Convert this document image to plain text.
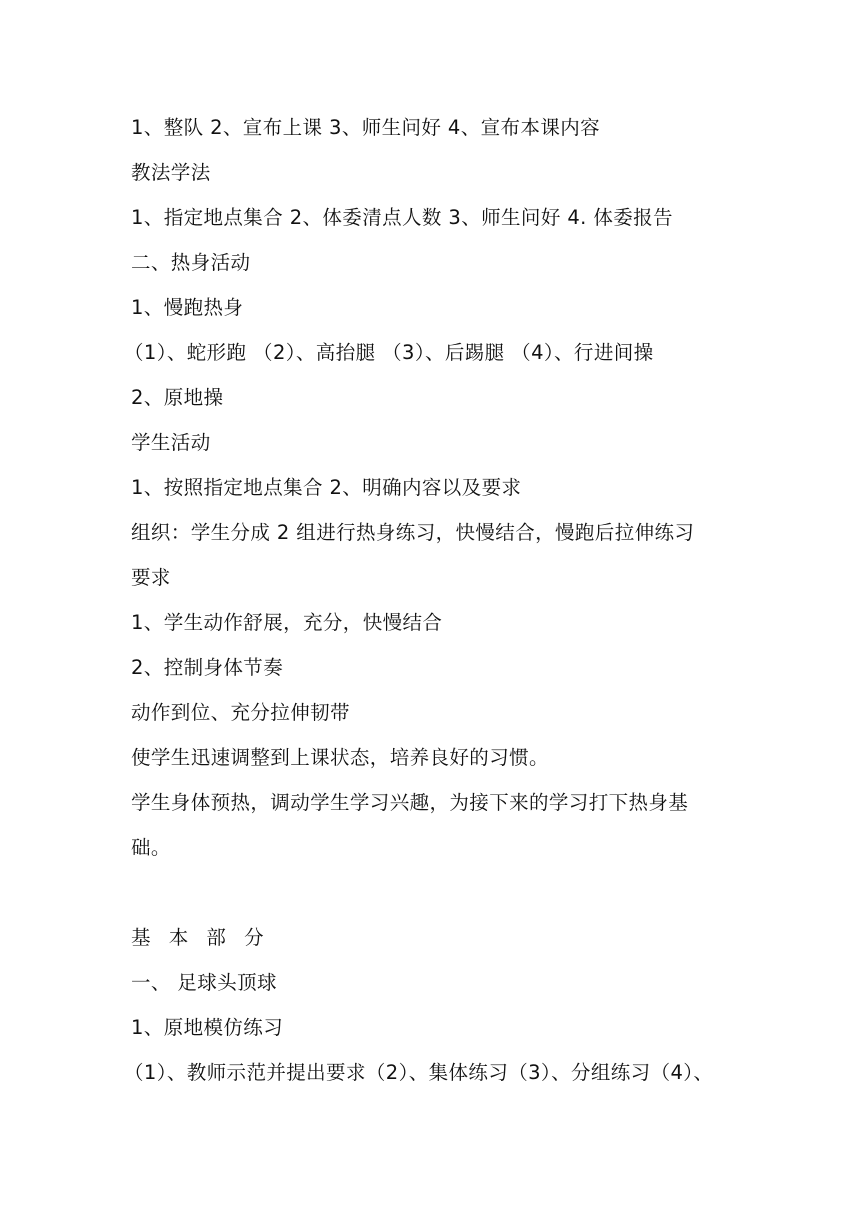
1、整队 2、宣布上课 3、师生问好 4、宣布本课内容
教法学法
1、指定地点集合 2、体委清点人数 3、师生问好 4. 体委报告
二、热身活动
1、慢跑热身
（1）、蛇形跑 （2）、高抬腿 （3）、后踢腿 （4）、行进间操
2、原地操
学生活动
1、按照指定地点集合 2、明确内容以及要求
组织：学生分成 2 组进行热身练习，快慢结合，慢跑后拉伸练习
要求
1、学生动作舒展，充分，快慢结合
2、控制身体节奏
动作到位、充分拉伸韧带
使学生迅速调整到上课状态，培养良好的习惯。
学生身体预热，调动学生学习兴趣，为接下来的学习打下热身基
础。
基 本 部 分
一、 足球头顶球
1、原地模仿练习
（1）、教师示范并提出要求（2）、集体练习（3）、分组练习（4）、
